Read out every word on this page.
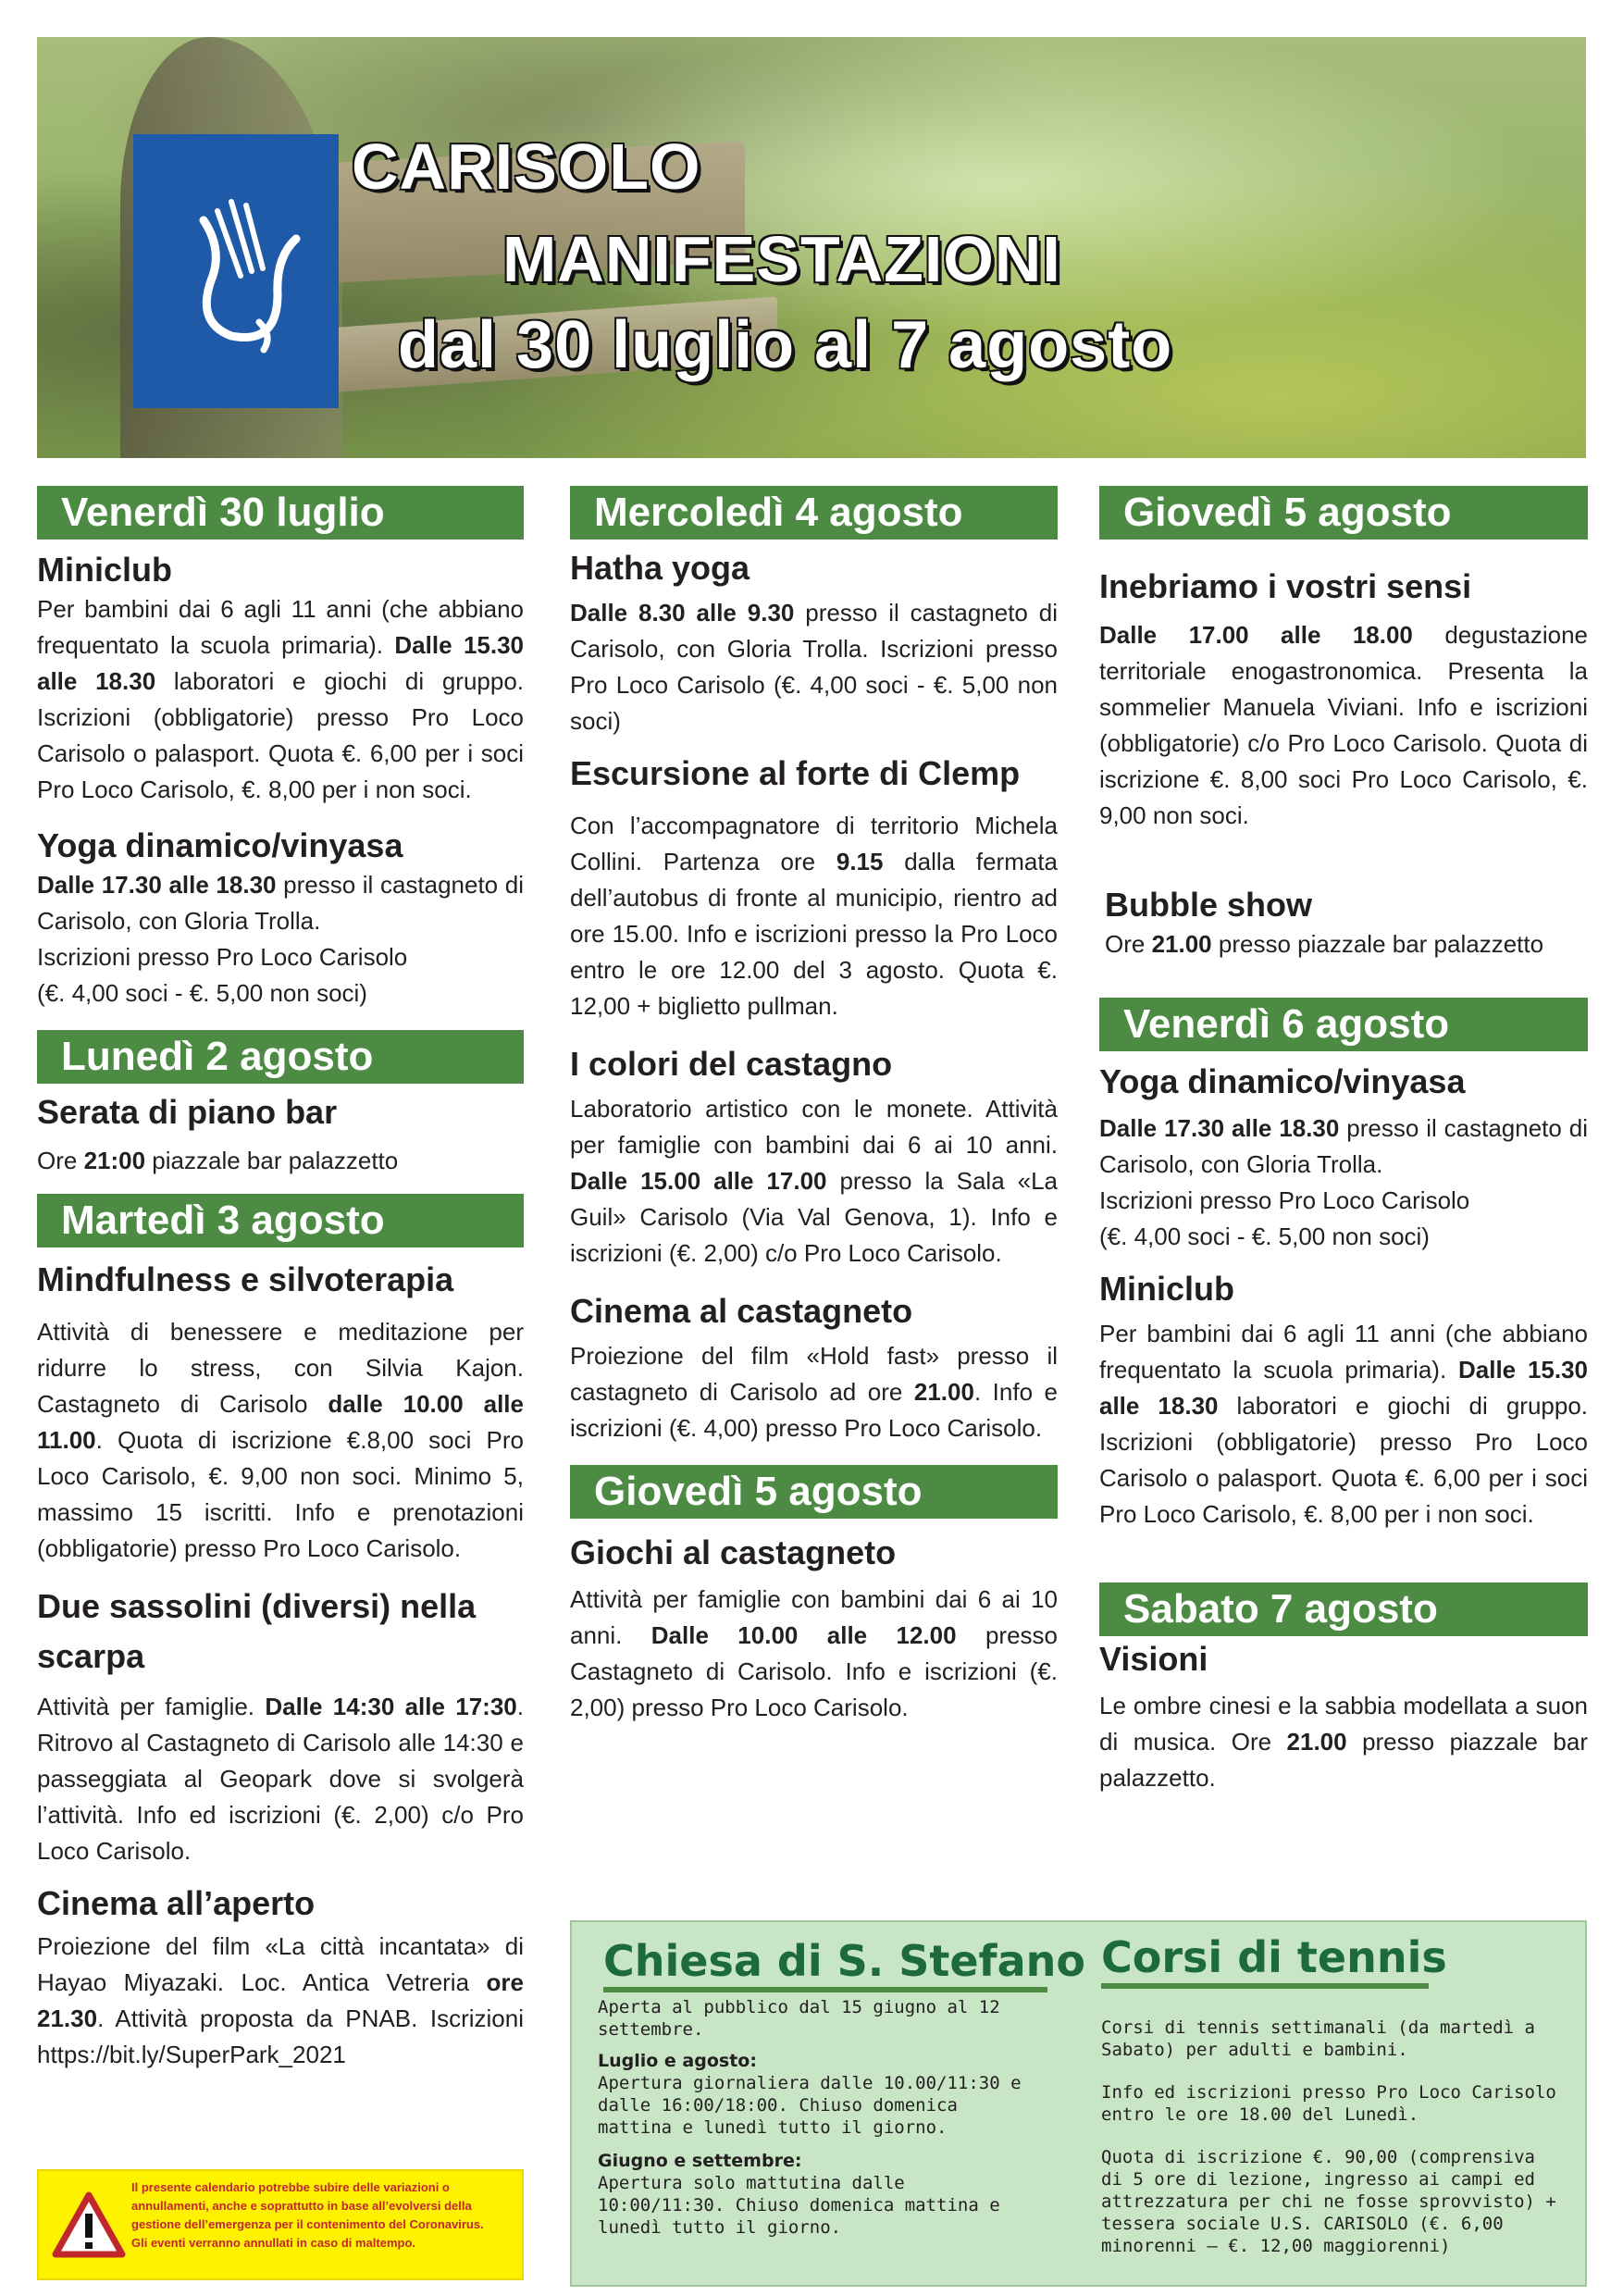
CARISOLO
MANIFESTAZIONI
dal 30 luglio al 7 agosto
Venerdì 30 luglio
Miniclub

Per bambini dai 6 agli 11 anni (che abbiano frequentato la scuola primaria). Dalle 15.30 alle 18.30 laboratori e giochi di gruppo. Iscrizioni (obbligatorie) presso Pro Loco Carisolo o palasport. Quota €. 6,00 per i soci Pro Loco Carisolo, €. 8,00 per i non soci.

Yoga dinamico/vinyasa

Dalle 17.30 alle 18.30 presso il castagneto di Carisolo, con Gloria Trolla.
Iscrizioni presso Pro Loco Carisolo
(€. 4,00 soci - €. 5,00 non soci)

Lunedì 2 agosto
Serata di piano bar

Ore 21:00 piazzale bar palazzetto

Martedì 3 agosto
Mindfulness e silvoterapia

Attività di benessere e meditazione per ridurre lo stress, con Silvia Kajon. Castagneto di Carisolo dalle 10.00 alle 11.00. Quota di iscrizione €.8,00 soci Pro Loco Carisolo, €. 9,00 non soci. Minimo 5, massimo 15 iscritti. Info e prenotazioni (obbligatorie) presso Pro Loco Carisolo.

Due sassolini (diversi) nella scarpa

Attività per famiglie. Dalle 14:30 alle 17:30. Ritrovo al Castagneto di Carisolo alle 14:30 e passeggiata al Geopark dove si svolgerà l’attività. Info ed iscrizioni (€. 2,00) c/o Pro Loco Carisolo.

Cinema all’aperto

Proiezione del film «La città incantata» di Hayao Miyazaki. Loc. Antica Vetreria ore 21.30. Attività proposta da PNAB. Iscrizioni https://bit.ly/SuperPark_2021

Mercoledì 4 agosto
Hatha yoga

Dalle 8.30 alle 9.30 presso il castagneto di Carisolo, con Gloria Trolla. Iscrizioni presso Pro Loco Carisolo (€. 4,00 soci - €. 5,00 non soci)

Escursione al forte di Clemp

Con l’accompagnatore di territorio Michela Collini. Partenza ore 9.15 dalla fermata dell’autobus di fronte al municipio, rientro ad ore 15.00. Info e iscrizioni presso la Pro Loco entro le ore 12.00 del 3 agosto. Quota €. 12,00 + biglietto pullman.

I colori del castagno

Laboratorio artistico con le monete. Attività per famiglie con bambini dai 6 ai 10 anni. Dalle 15.00 alle 17.00 presso la Sala «La Guil» Carisolo (Via Val Genova, 1). Info e iscrizioni (€. 2,00) c/o Pro Loco Carisolo.

Cinema al castagneto

Proiezione del film «Hold fast» presso il castagneto di Carisolo ad ore 21.00. Info e iscrizioni (€. 4,00) presso Pro Loco Carisolo.

Giovedì 5 agosto
Giochi al castagneto

Attività per famiglie con bambini dai 6 ai 10 anni. Dalle 10.00 alle 12.00 presso Castagneto di Carisolo. Info e iscrizioni (€. 2,00) presso Pro Loco Carisolo.

Giovedì 5 agosto
Inebriamo i vostri sensi

Dalle 17.00 alle 18.00 degustazione territoriale enogastronomica. Presenta la sommelier Manuela Viviani. Info e iscrizioni (obbligatorie) c/o Pro Loco Carisolo. Quota di iscrizione €. 8,00 soci Pro Loco Carisolo, €. 9,00 non soci.

Bubble show

Ore 21.00 presso piazzale bar palazzetto

Venerdì 6 agosto
Yoga dinamico/vinyasa

Dalle 17.30 alle 18.30 presso il castagneto di Carisolo, con Gloria Trolla.
Iscrizioni presso Pro Loco Carisolo
(€. 4,00 soci - €. 5,00 non soci)

Miniclub

Per bambini dai 6 agli 11 anni (che abbiano frequentato la scuola primaria). Dalle 15.30 alle 18.30 laboratori e giochi di gruppo. Iscrizioni (obbligatorie) presso Pro Loco Carisolo o palasport. Quota €. 6,00 per i soci Pro Loco Carisolo, €. 8,00 per i non soci.

Sabato 7 agosto
Visioni

Le ombre cinesi e la sabbia modellata a suon di musica. Ore 21.00 presso piazzale bar palazzetto.

Chiesa di S. Stefano
Aperta al pubblico dal 15 giugno al 12 settembre.
Luglio e agosto:
Apertura giornaliera dalle 10.00/11:30 e dalle 16:00/18:00. Chiuso domenica mattina e lunedì tutto il giorno.
Giugno e settembre:
Apertura solo mattutina dalle 10:00/11:30. Chiuso domenica mattina e lunedì tutto il giorno.
Corsi di tennis
Corsi di tennis settimanali (da martedì a Sabato) per adulti e bambini.
Info ed iscrizioni presso Pro Loco Carisolo entro le ore 18.00 del Lunedì.
Quota di iscrizione €. 90,00 (comprensiva di 5 ore di lezione, ingresso ai campi ed attrezzatura per chi ne fosse sprovvisto) + tessera sociale U.S. CARISOLO (€. 6,00 minorenni – €. 12,00 maggiorenni)
Il presente calendario potrebbe subire delle variazioni o annullamenti, anche e soprattutto in base all’evolversi della gestione dell’emergenza per il contenimento del Coronavirus.
Gli eventi verranno annullati in caso di maltempo.
